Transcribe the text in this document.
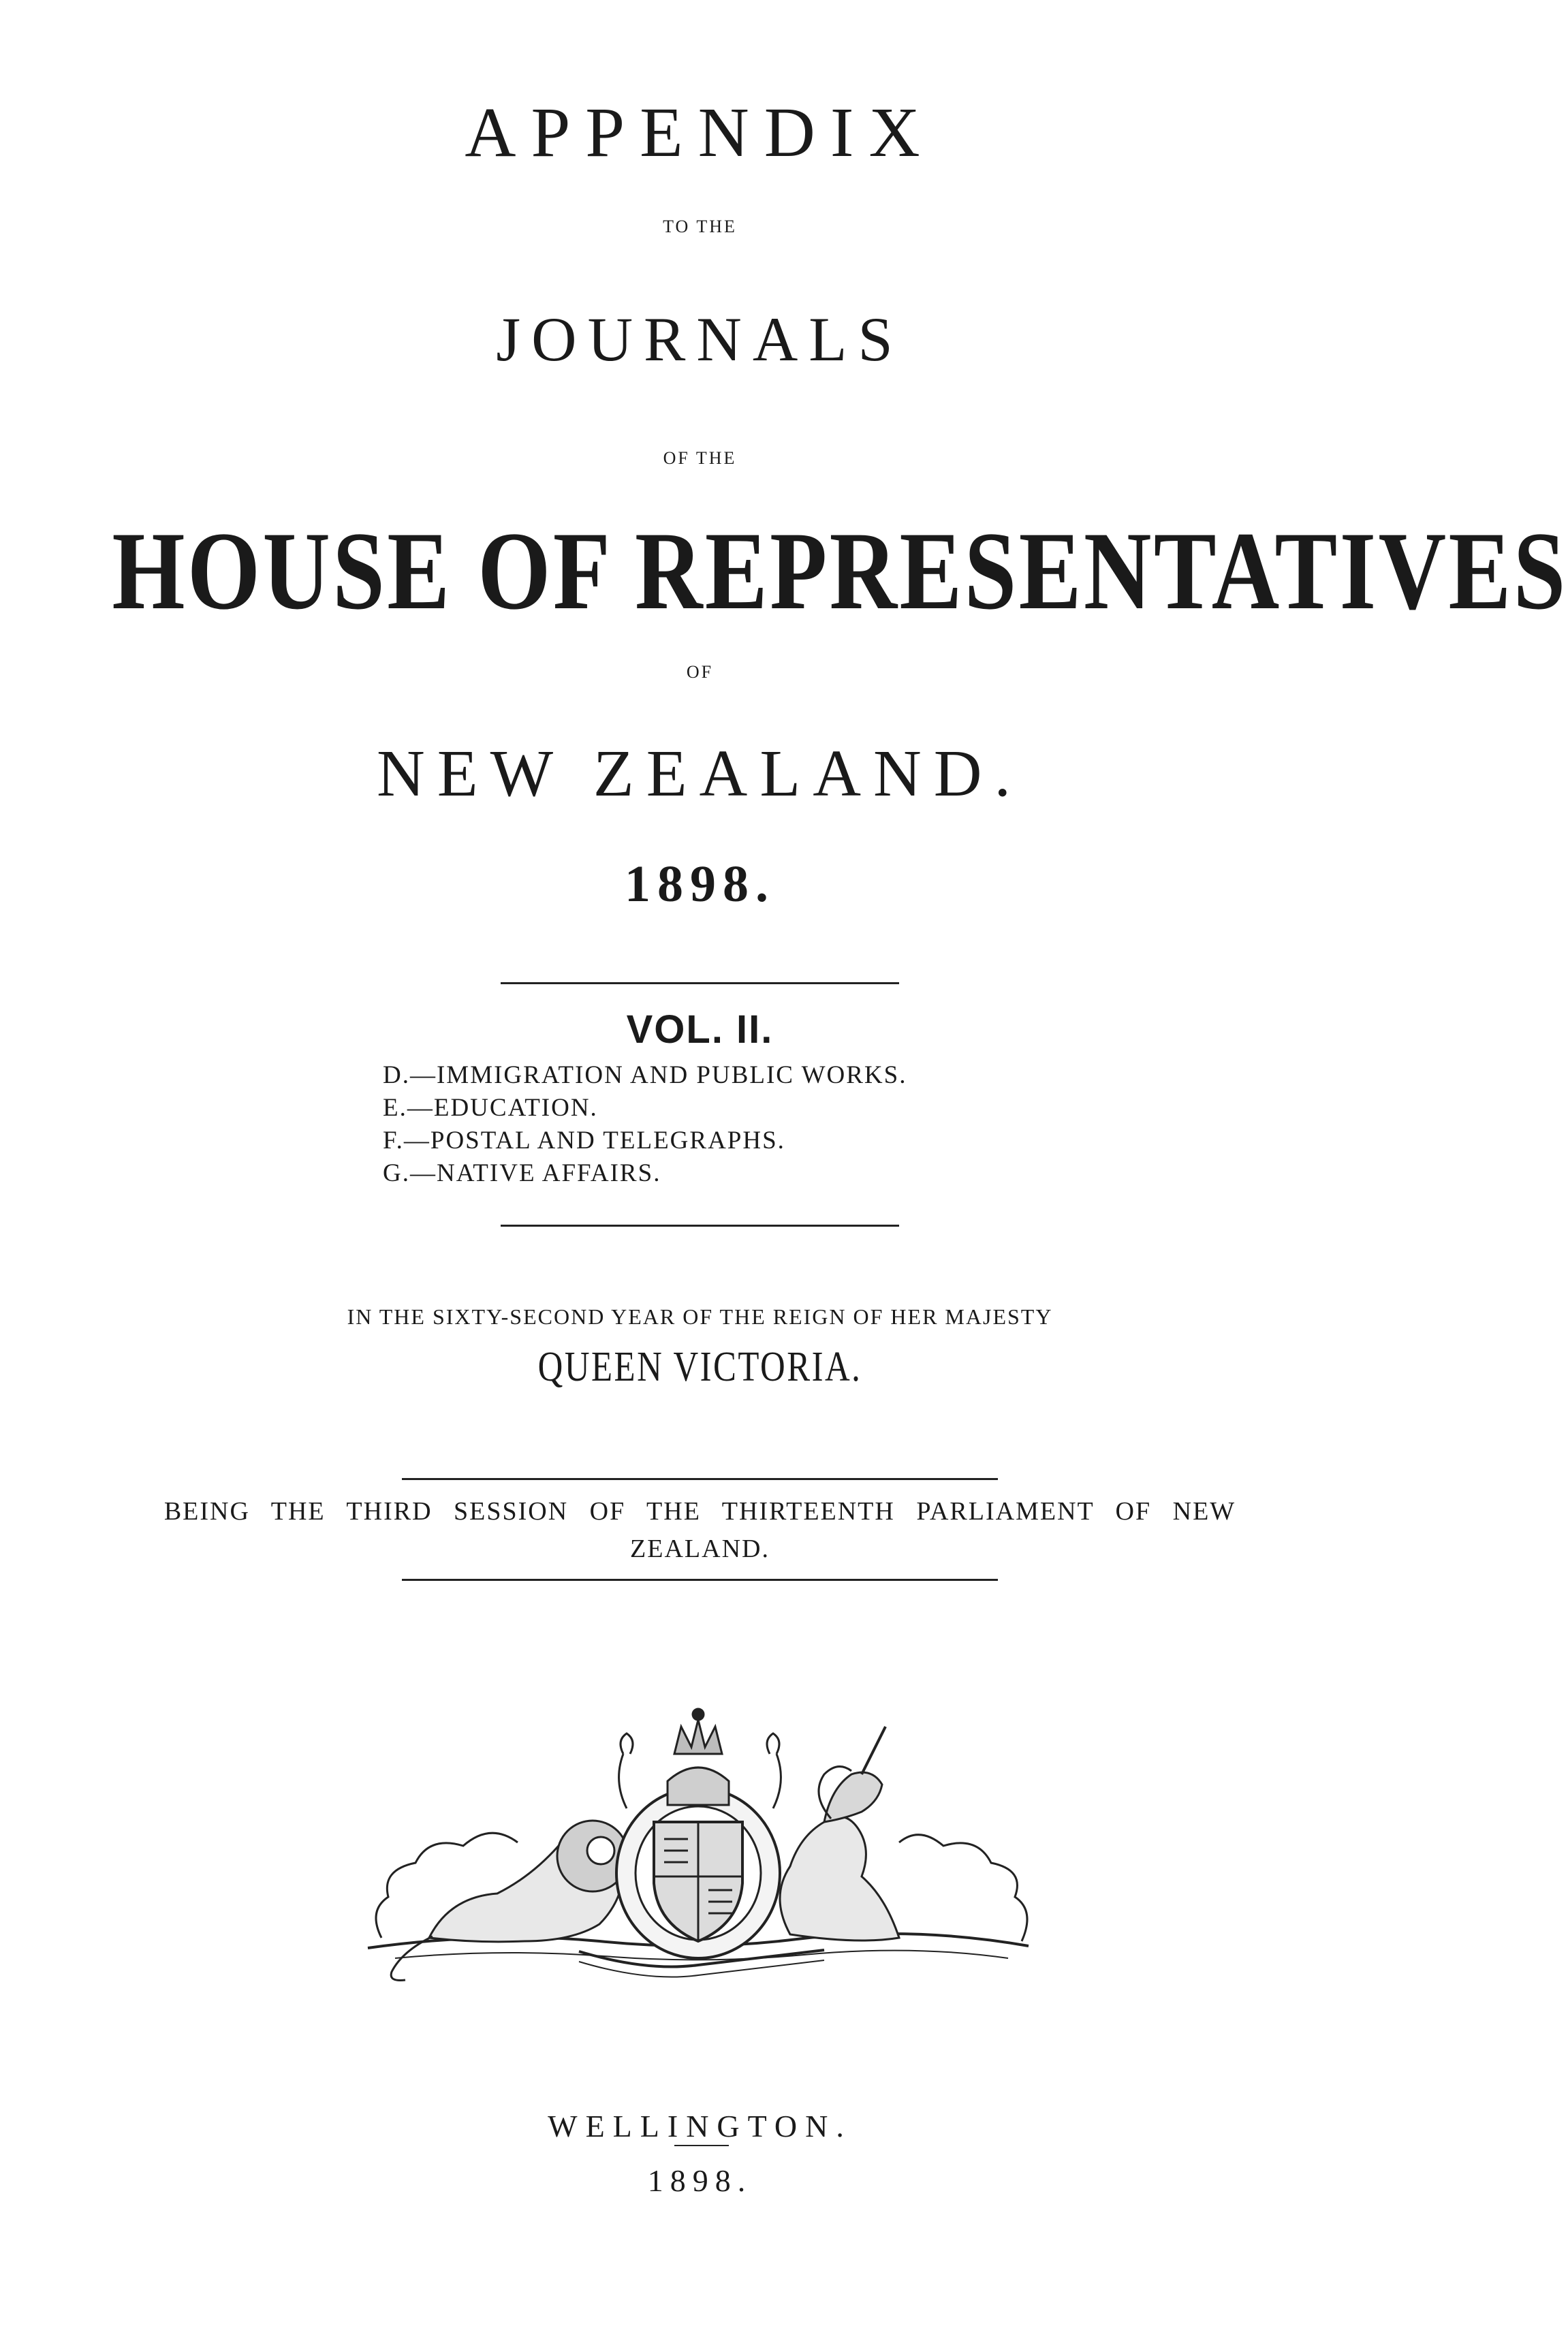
APPENDIX
TO THE
JOURNALS
OF THE
HOUSE OF REPRESENTATIVES
OF
NEW ZEALAND.
1898.
VOL. II.
D.—IMMIGRATION AND PUBLIC WORKS.
E.—EDUCATION.
F.—POSTAL AND TELEGRAPHS.
G.—NATIVE AFFAIRS.
IN THE SIXTY-SECOND YEAR OF THE REIGN OF HER MAJESTY
QUEEN VICTORIA.
BEING THE THIRD SESSION OF THE THIRTEENTH PARLIAMENT OF NEW
ZEALAND.
WELLINGTON.
1898.
